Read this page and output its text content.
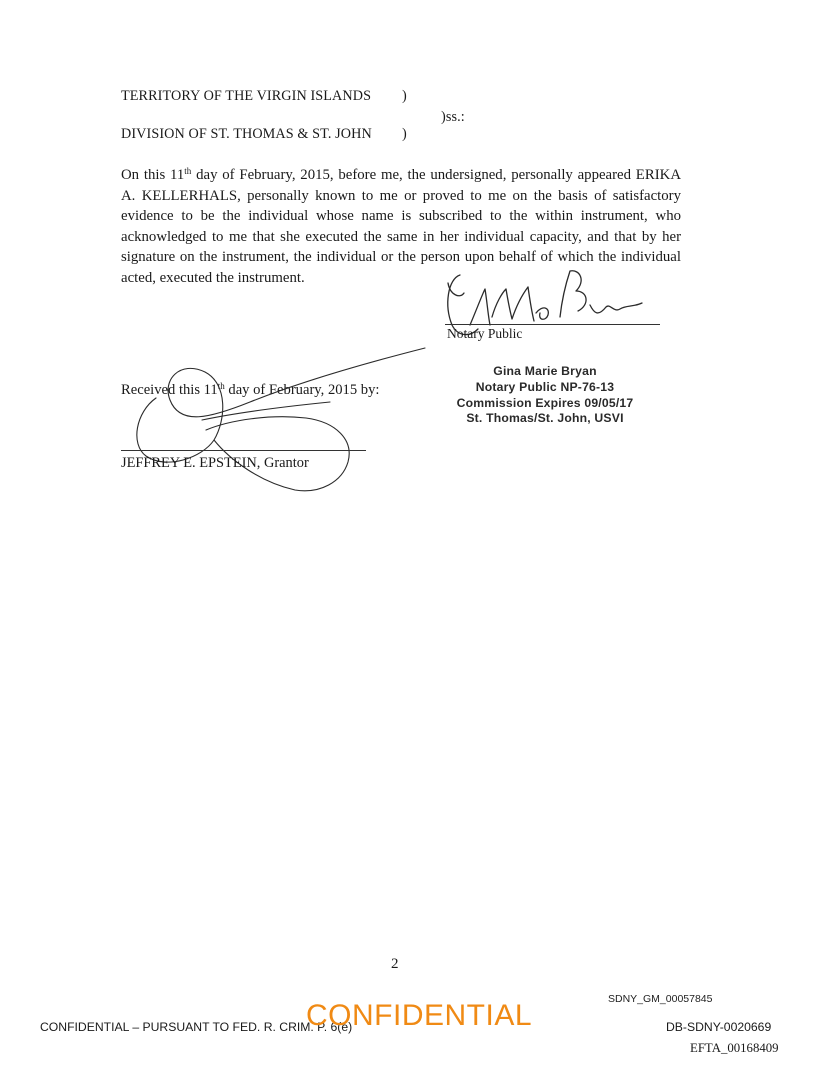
TERRITORY OF THE VIRGIN ISLANDS )
)ss.:
DIVISION OF ST. THOMAS & ST. JOHN )

On this 11th day of February, 2015, before me, the undersigned, personally appeared ERIKA A. KELLERHALS, personally known to me or proved to me on the basis of satisfactory evidence to be the individual whose name is subscribed to the within instrument, who acknowledged to me that she executed the same in her individual capacity, and that by her signature on the instrument, the individual or the person upon behalf of which the individual acted, executed the instrument.

Notary Public
Gina Marie Bryan
Notary Public NP-76-13
Commission Expires 09/05/17
St. Thomas/St. John, USVI
Received this 11th day of February, 2015 by:
JEFFREY E. EPSTEIN, Grantor
2
SDNY_GM_00057845
CONFIDENTIAL – PURSUANT TO FED. R. CRIM. P. 6(e)
CONFIDENTIAL	DB-SDNY-0020669
EFTA_00168409
